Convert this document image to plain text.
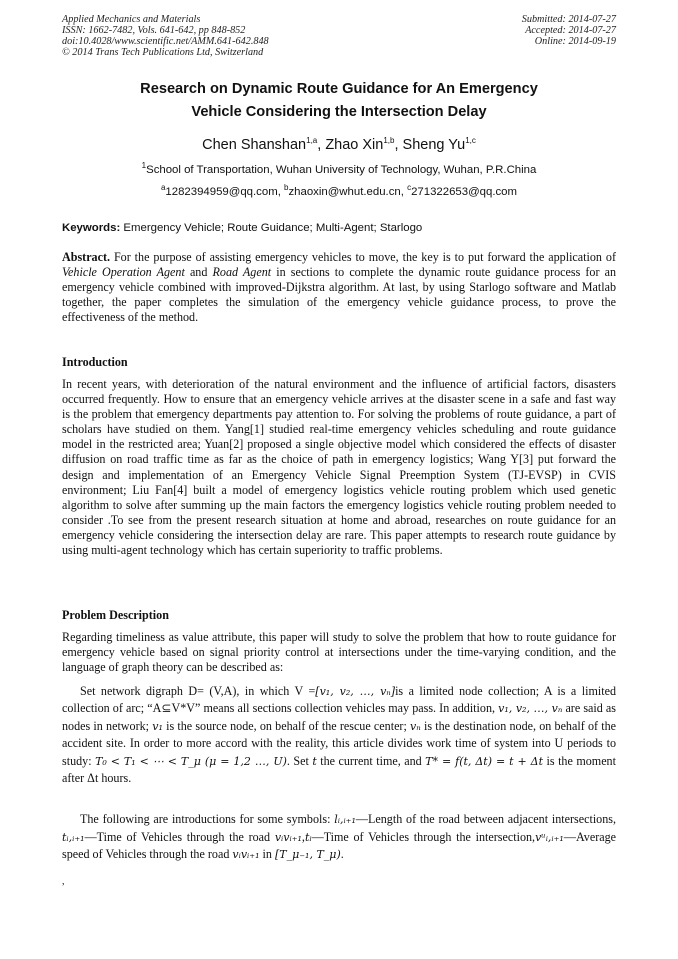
Applied Mechanics and Materials
ISSN: 1662-7482, Vols. 641-642, pp 848-852
doi:10.4028/www.scientific.net/AMM.641-642.848
© 2014 Trans Tech Publications Ltd, Switzerland
Submitted: 2014-07-27
Accepted: 2014-07-27
Online: 2014-09-19
Research on Dynamic Route Guidance for An Emergency
Vehicle Considering the Intersection Delay
Chen Shanshan$^{1,a}$, Zhao Xin$^{1,b}$, Sheng Yu$^{1,c}$
$^1$School of Transportation, Wuhan University of Technology, Wuhan, P.R.China
$^a$1282394959@qq.com, $^b$zhaoxin@whut.edu.cn, $^c$271322653@qq.com
Keywords: Emergency Vehicle; Route Guidance; Multi-Agent; Starlogo
Abstract. For the purpose of assisting emergency vehicles to move, the key is to put forward the application of Vehicle Operation Agent and Road Agent in sections to complete the dynamic route guidance process for an emergency vehicle combined with improved-Dijkstra algorithm. At last, by using Starlogo software and Matlab together, the paper completes the simulation of the emergency vehicle guidance process, to prove the effectiveness of the method.
Introduction
In recent years, with deterioration of the natural environment and the influence of artificial factors, disasters occurred frequently. How to ensure that an emergency vehicle arrives at the disaster scene in a safe and fast way is the problem that emergency departments pay attention to. For solving the problems of route guidance, a part of scholars have studied on them. Yang[1] studied real-time emergency vehicles scheduling and route guidance model in the restricted area; Yuan[2] proposed a single objective model which considered the effects of disaster diffusion on road traffic time as far as the choice of path in emergency logistics; Wang Y[3] put forward the design and implementation of an Emergency Vehicle Signal Preemption System (TJ-EVSP) in CVIS environment; Liu Fan[4] built a model of emergency logistics vehicle routing problem which used genetic algorithm to solve after summing up the main factors the emergency logistics vehicle routing problem needed to consider .To see from the present research situation at home and abroad, researches on route guidance for an emergency vehicle considering the intersection delay are rare. This paper attempts to research route guidance by using multi-agent technology which has certain superiority to traffic problems.
Problem Description
Regarding timeliness as value attribute, this paper will study to solve the problem that how to route guidance for emergency vehicle based on signal priority control at intersections under the time-varying condition, and the language of graph theory can be described as:
Set network digraph D= (V,A), in which V =[v₁, v₂, …, vₙ]is a limited node collection; A is a limited collection of arc; “A⊆V*V” means all sections collection vehicles may pass. In addition, v₁, v₂, …, vₙ are said as nodes in network; v₁ is the source node, on behalf of the rescue center; vₙ is the destination node, on behalf of the accident site. In order to more accord with the reality, this article divides work time of system into U periods to study: T₀ < T₁ < ⋯ < T_μ (μ = 1,2 …, U). Set t the current time, and T* = f(t, Δt) = t + Δt is the moment after Δt hours.
The following are introductions for some symbols: lᵢ,ᵢ₊₁—Length of the road between adjacent intersections, tᵢ,ᵢ₊₁—Time of Vehicles through the road vᵢvᵢ₊₁,tᵢ—Time of Vehicles through the intersection,vᵘᵢ,ᵢ₊₁—Average speed of Vehicles through the road vᵢvᵢ₊₁ in [T_μ₋₁, T_μ).
,
